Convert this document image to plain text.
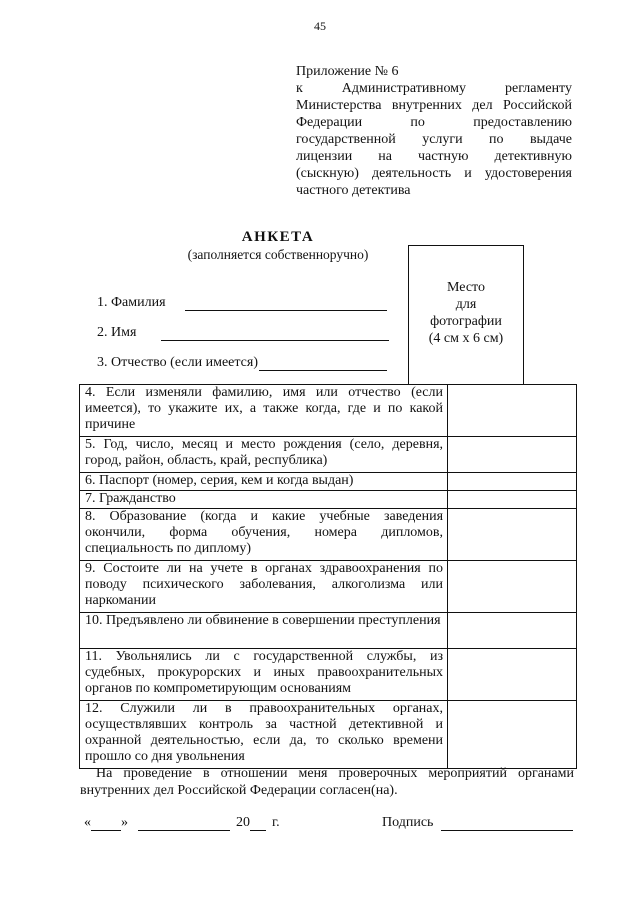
45
Приложение № 6
к Административному регламенту
Министерства внутренних дел Российской
Федерации по предоставлению
государственной услуги по выдаче
лицензии на частную детективную
(сыскную) деятельность и удостоверения
частного детектива
АНКЕТА
(заполняется собственноручно)
Место
для
фотографии
(4 см х 6 см)
1. Фамилия
2. Имя
3. Отчество (если имеется)
4. Если изменяли фамилию, имя или отчество (если имеется), то укажите их, а также когда, где и по какой причине	
5. Год, число, месяц и место рождения (село, деревня, город, район, область, край, республика)	
6. Паспорт (номер, серия, кем и когда выдан)	
7. Гражданство	
8. Образование (когда и какие учебные заведения окончили, форма обучения, номера дипломов, специальность по диплому)	
9. Состоите ли на учете в органах здравоохранения по поводу психического заболевания, алкоголизма или наркомании	
10. Предъявлено ли обвинение в совершении преступления	
11. Увольнялись ли с государственной службы, из судебных, прокурорских и иных правоохранительных органов по компрометирующим основаниям	
12. Служили ли в правоохранительных органах, осуществлявших контроль за частной детективной и охранной деятельностью, если да, то сколько времени прошло со дня увольнения	
На проведение в отношении меня проверочных мероприятий органами
внутренних дел Российской Федерации согласен(на).
« »	20 г.	Подпись
